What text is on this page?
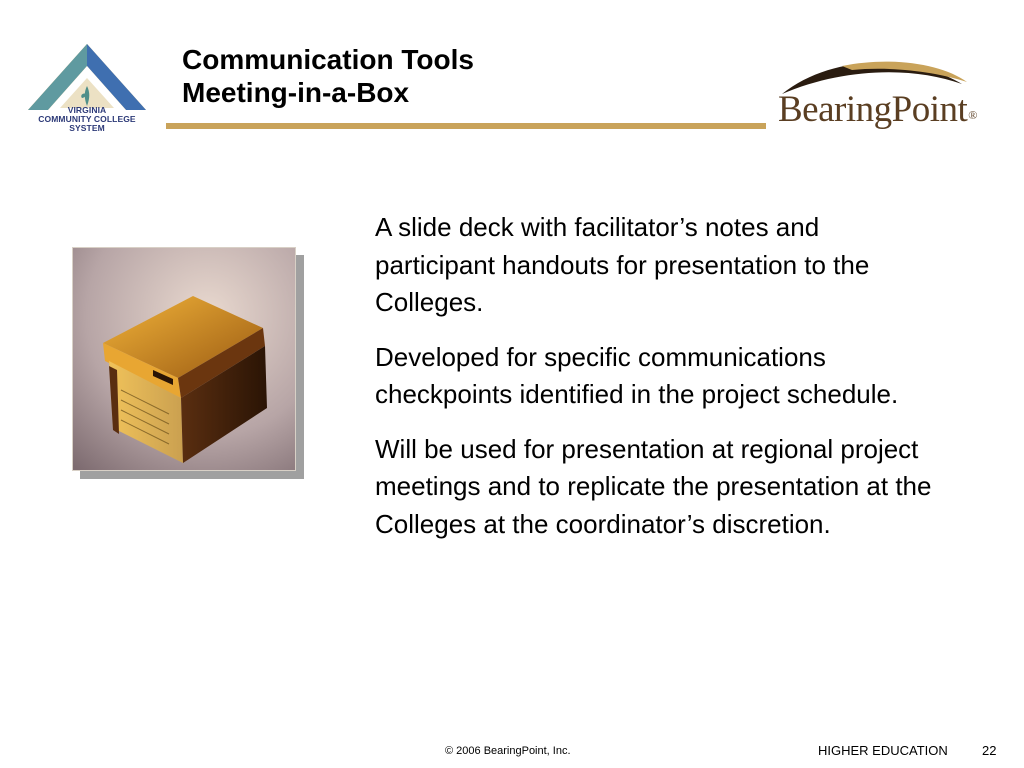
VIRGINIA
COMMUNITY COLLEGE
SYSTEM
Communication Tools
Meeting-in-a-Box	BearingPoint®

A slide deck with facilitator’s notes and participant handouts for presentation to the Colleges.

Developed for specific communications checkpoints identified in the project schedule.

Will be used for presentation at regional project meetings and to replicate the presentation at the Colleges at the coordinator’s discretion.

© 2006 BearingPoint, Inc.	HIGHER EDUCATION	22
